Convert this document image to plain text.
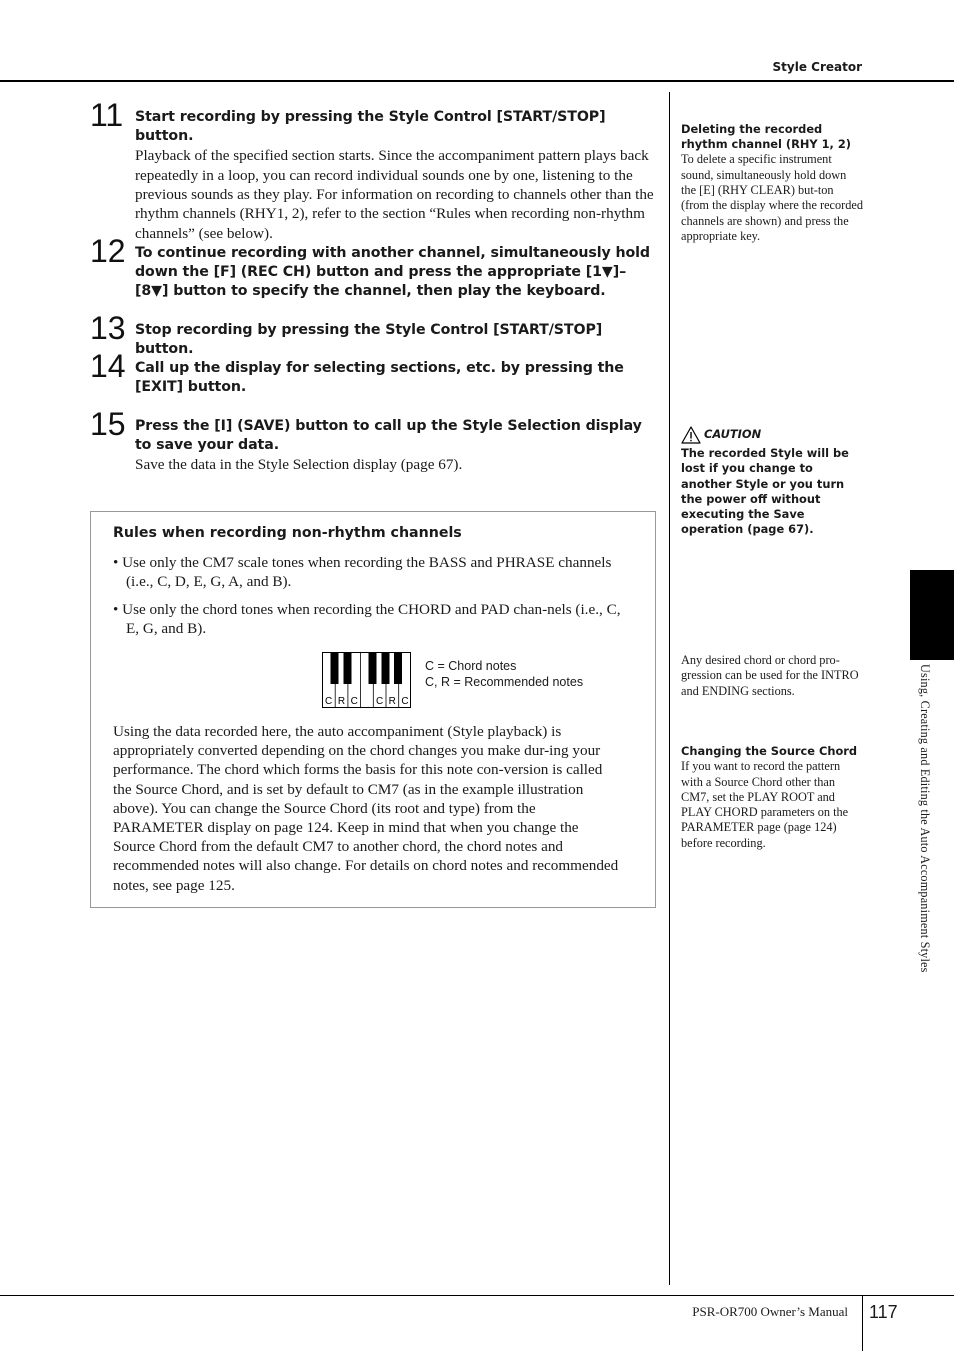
Style Creator
11 Start recording by pressing the Style Control [START/STOP] button.
Playback of the specified section starts. Since the accompaniment pattern plays back repeatedly in a loop, you can record individual sounds one by one, listening to the previous sounds as they play. For information on recording to channels other than the rhythm channels (RHY1, 2), refer to the section “Rules when recording non-rhythm channels” (see below).
12 To continue recording with another channel, simultaneously hold down the [F] (REC CH) button and press the appropriate [1▼]–[8▼] button to specify the channel, then play the keyboard.
13 Stop recording by pressing the Style Control [START/STOP] button.
14 Call up the display for selecting sections, etc. by pressing the [EXIT] button.
15 Press the [I] (SAVE) button to call up the Style Selection display to save your data.
Save the data in the Style Selection display (page 67).
Rules when recording non-rhythm channels
• Use only the CM7 scale tones when recording the BASS and PHRASE channels (i.e., C, D, E, G, A, and B).
• Use only the chord tones when recording the CHORD and PAD chan-nels (i.e., C, E, G, and B).
C R C C R C
C = Chord notes
C, R = Recommended notes
Using the data recorded here, the auto accompaniment (Style playback) is appropriately converted depending on the chord changes you make dur-ing your performance. The chord which forms the basis for this note con-version is called the Source Chord, and is set by default to CM7 (as in the example illustration above). You can change the Source Chord (its root and type) from the PARAMETER display on page 124. Keep in mind that when you change the Source Chord from the default CM7 to another chord, the chord notes and recommended notes will also change. For details on chord notes and recommended notes, see page 125.
Deleting the recorded rhythm channel (RHY 1, 2)
To delete a specific instrument sound, simultaneously hold down the [E] (RHY CLEAR) but-ton (from the display where the recorded channels are shown) and press the appropriate key.
CAUTION
The recorded Style will be lost if you change to another Style or you turn the power off without executing the Save operation (page 67).
Any desired chord or chord pro-gression can be used for the INTRO and ENDING sections.
Changing the Source Chord
If you want to record the pattern with a Source Chord other than CM7, set the PLAY ROOT and PLAY CHORD parameters on the PARAMETER page (page 124) before recording.	Using, Creating and Editing the Auto Accompaniment Styles
PSR-OR700 Owner’s Manual 117
